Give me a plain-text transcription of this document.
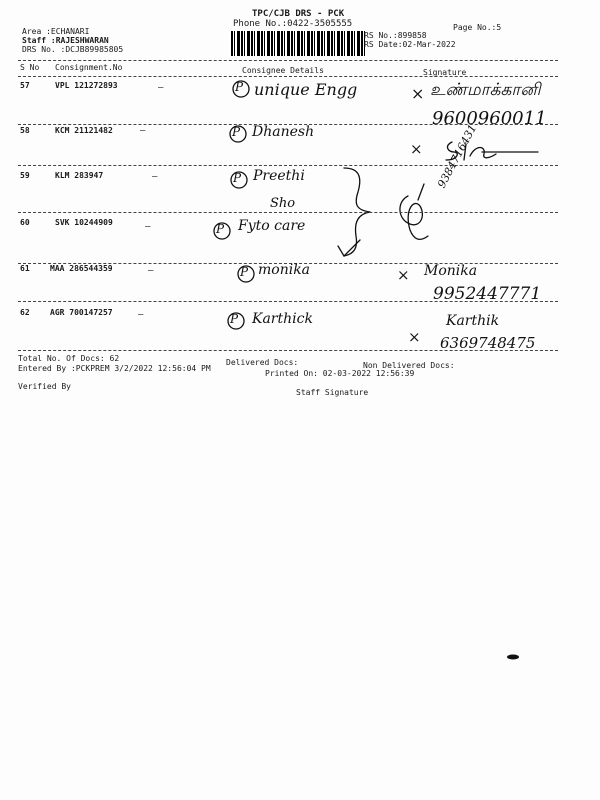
TPC/CJB DRS - PCK
Phone No.:0422-3505555	Page No.:5
Area :ECHANARI
Staff :RAJESHWARAN
DRS No. :DCJB89985805
RS No.:899858
RS Date:02-Mar-2022
S No Consignment.No	Consignee Details	Signature
57	VPL 121272893	—	P unique Engg	× உண்மாக்கானி
9600960011
58	KCM 21121482	—	P Dhanesh
×
59	KLM 283947	—	P Preethi
Sho
9384716431
60	SVK 10244909	—	P Fyto care
61	MAA 286544359	—	P monika	× Monika
9952447771
62	AGR 700147257	—	P Karthick
×
Karthik
6369748475
Total No. Of Docs: 62	Delivered Docs:	Non Delivered Docs:
Entered By :PCKPREM 3/2/2022 12:56:04 PM
Printed On: 02-03-2022 12:56:39
Verified By
Staff Signature
